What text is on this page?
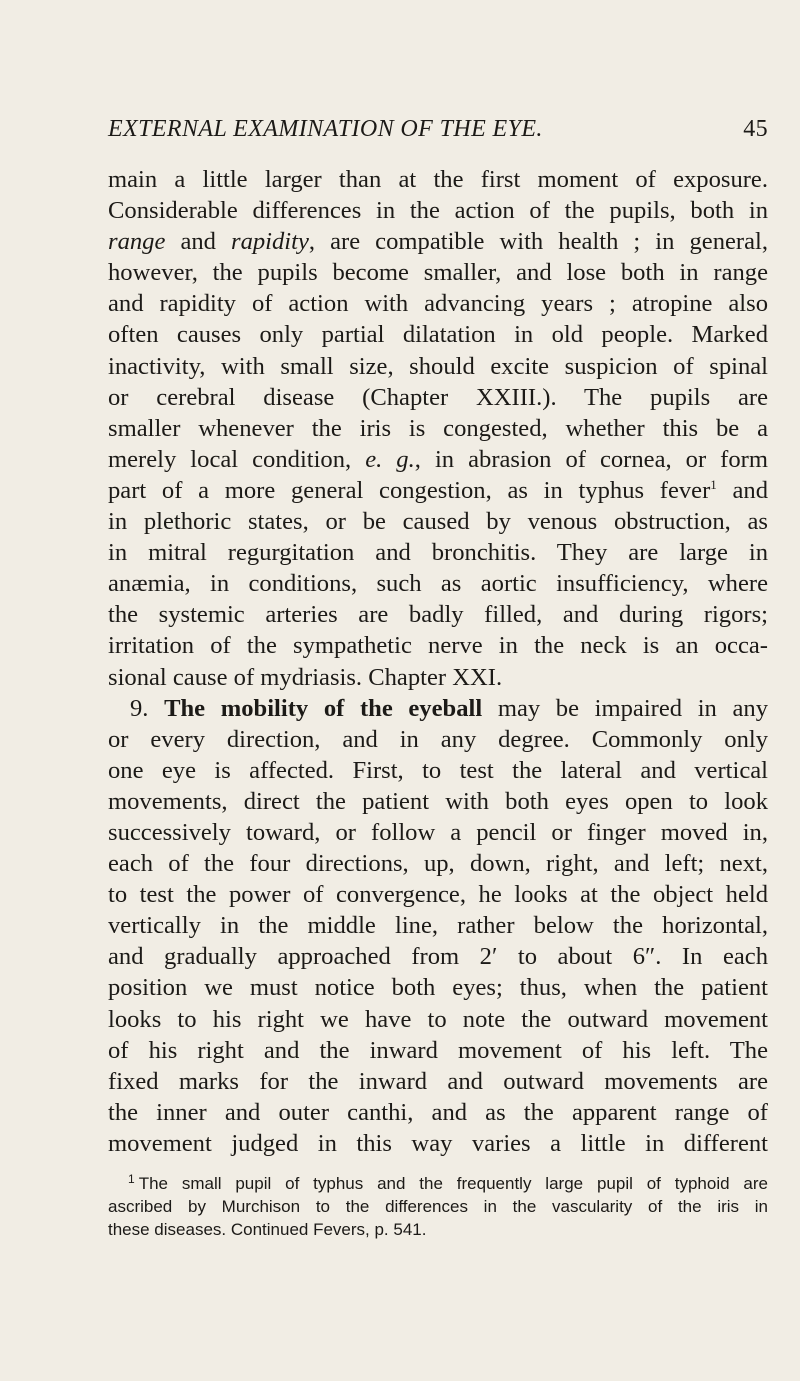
EXTERNAL EXAMINATION OF THE EYE.	45
main a little larger than at the first moment of exposure.
Considerable differences in the action of the pupils, both in
range and rapidity, are compatible with health ; in general,
however, the pupils become smaller, and lose both in range
and rapidity of action with advancing years ; atropine also
often causes only partial dilatation in old people. Marked
inactivity, with small size, should excite suspicion of spinal
or cerebral disease (Chapter XXIII.). The pupils are
smaller whenever the iris is congested, whether this be a
merely local condition, e. g., in abrasion of cornea, or form
part of a more general congestion, as in typhus fever$^1$ and
in plethoric states, or be caused by venous obstruction, as
in mitral regurgitation and bronchitis. They are large in
anæmia, in conditions, such as aortic insufficiency, where
the systemic arteries are badly filled, and during rigors;
irritation of the sympathetic nerve in the neck is an occa-
sional cause of mydriasis. Chapter XXI.
9. The mobility of the eyeball may be impaired in any
or every direction, and in any degree. Commonly only
one eye is affected. First, to test the lateral and vertical
movements, direct the patient with both eyes open to look
successively toward, or follow a pencil or finger moved in,
each of the four directions, up, down, right, and left; next,
to test the power of convergence, he looks at the object held
vertically in the middle line, rather below the horizontal,
and gradually approached from 2′ to about 6″. In each
position we must notice both eyes; thus, when the patient
looks to his right we have to note the outward movement
of his right and the inward movement of his left. The
fixed marks for the inward and outward movements are
the inner and outer canthi, and as the apparent range of
movement judged in this way varies a little in different
$^1$ The small pupil of typhus and the frequently large pupil of typhoid are
ascribed by Murchison to the differences in the vascularity of the iris in
these diseases. Continued Fevers, p. 541.
